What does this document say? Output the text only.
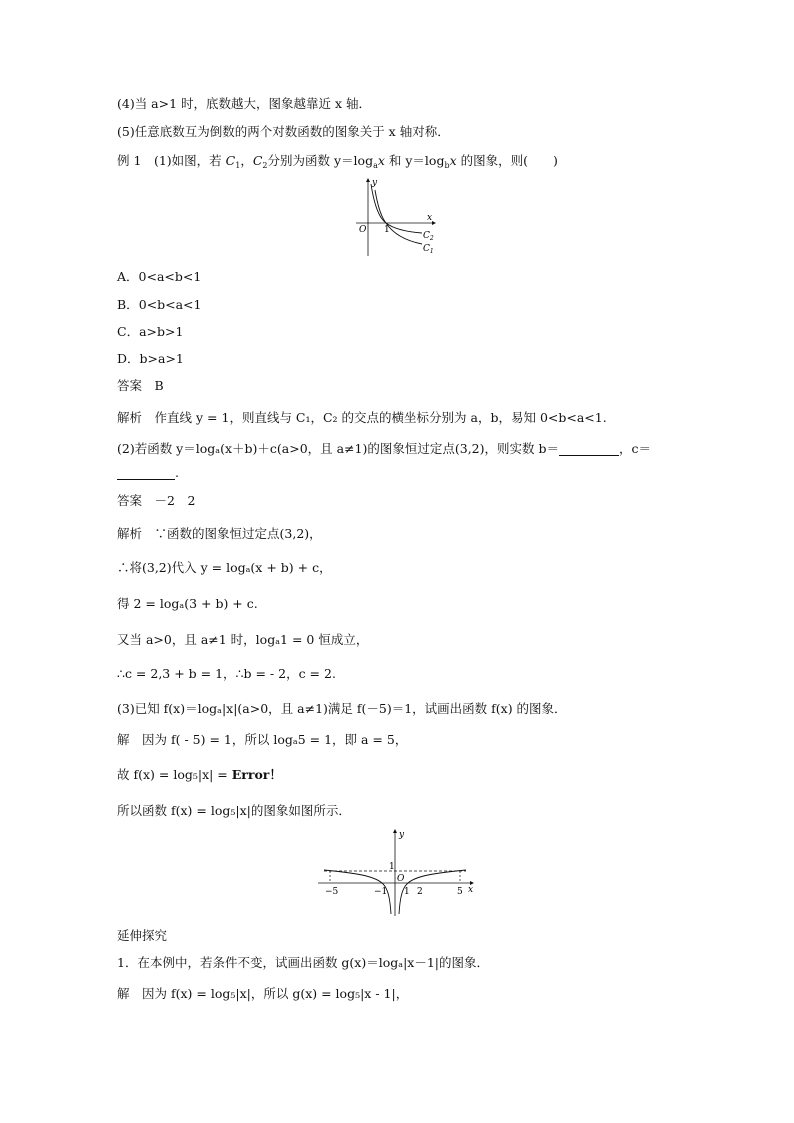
(4)当 a>1 时，底数越大，图象越靠近 x 轴．
(5)任意底数互为倒数的两个对数函数的图象关于 x 轴对称．
例 1　 (1)如图，若 $C_1$，$C_2$分别为函数 $y=\log_ax$ 和 $y=\log_bx$ 的图象，则(　　)
y
x
O 1
$C_2$
$C_1$
A．0<a<b<1
B．0<b<a<1
C．a>b>1
D．b>a>1
答案　 B
解析　 作直线 y = 1，则直线与 C₁，C₂ 的交点的横坐标分别为 a，b，易知 0<b<a<1.
(2)若函数 y＝logₐ(x＋b)＋c(a>0，且 a≠1)的图象恒过定点(3,2)，则实数 b＝	，c＝
.
答案　 －2　2
解析　 ∵函数的图象恒过定点(3,2)，
∴将(3,2)代入 y = logₐ(x + b) + c，
得 2 = logₐ(3 + b) + c.
又当 a>0，且 a≠1 时，logₐ1 = 0 恒成立，
∴c = 2,3 + b = 1，∴b = - 2，c = 2.
(3)已知 f(x)＝logₐ|x|(a>0，且 a≠1)满足 f(－5)＝1，试画出函数 f(x) 的图象．
解　 因为 f( - 5) = 1，所以 logₐ5 = 1，即 a = 5，
故 f(x) = log₅|x| = Error！
所以函数 f(x) = log₅|x|的图象如图所示．
y
x
O
1
−5	−1 1 2	5
延伸探究
1．在本例中，若条件不变，试画出函数 g(x)＝logₐ|x－1|的图象．
解　 因为 f(x) = log₅|x|，所以 g(x) = log₅|x - 1|，
